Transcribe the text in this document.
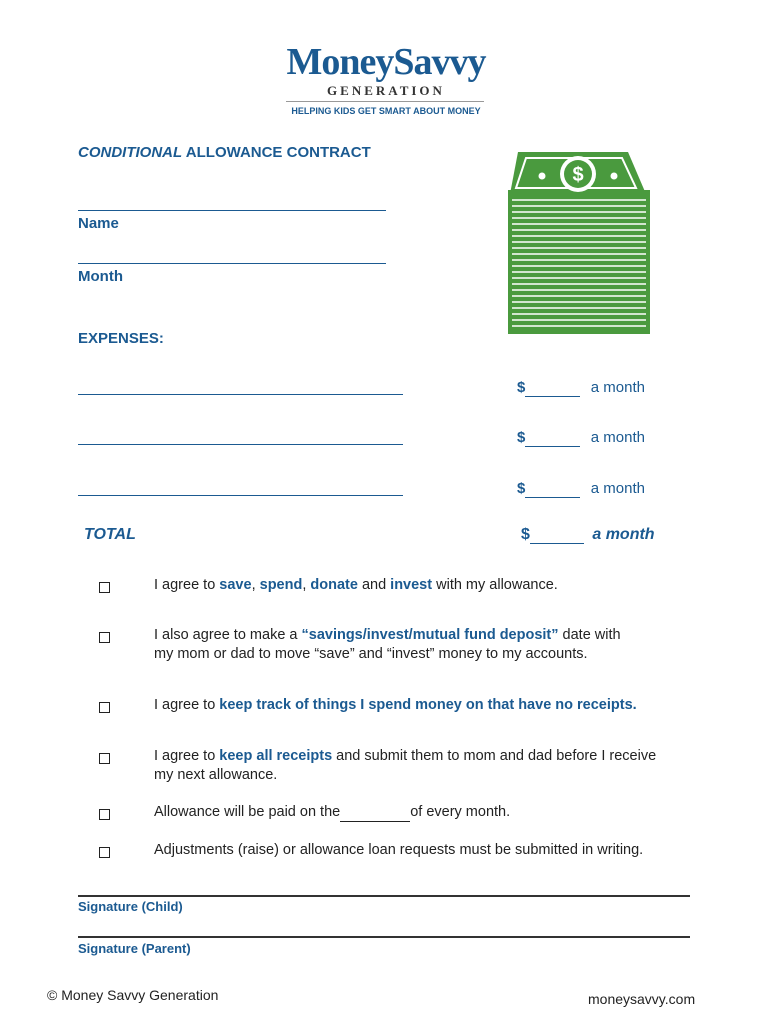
MoneySavvy
GENERATION
HELPING KIDS GET SMART ABOUT MONEY
CONDITIONAL ALLOWANCE CONTRACT
$
Name
Month
EXPENSES:
$	a month
$	a month
$	a month
TOTAL	$	a month
I agree to save, spend, donate and invest with my allowance.
I also agree to make a “savings/invest/mutual fund deposit” date with
my mom or dad to move “save” and “invest” money to my accounts.
I agree to keep track of things I spend money on that have no receipts.
I agree to keep all receipts and submit them to mom and dad before I receive
my next allowance.
Allowance will be paid on the	of every month.
Adjustments (raise) or allowance loan requests must be submitted in writing.
Signature (Child)
Signature (Parent)
© Money Savvy Generation	moneysavvy.com
